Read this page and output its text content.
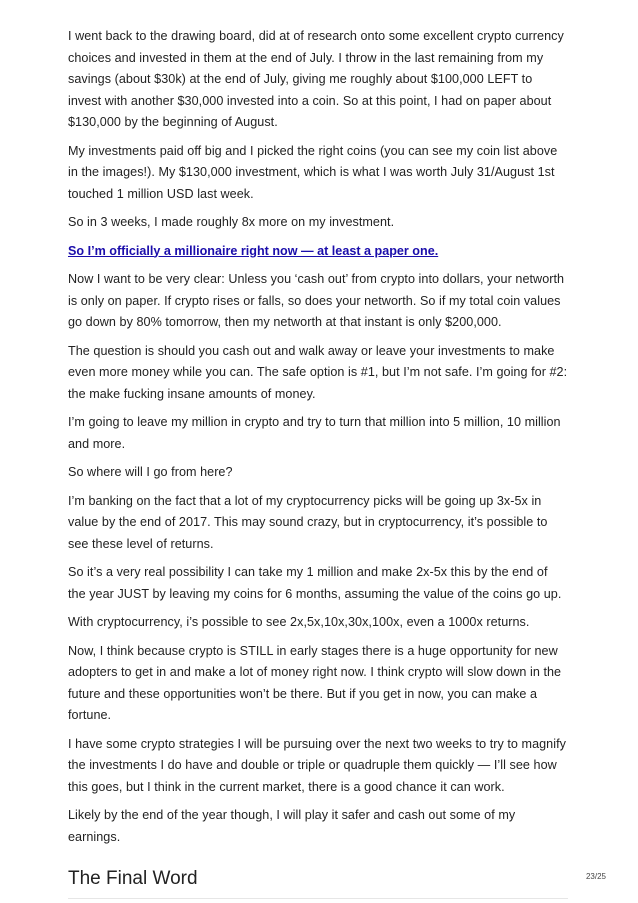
I went back to the drawing board, did at of research onto some excellent crypto currency choices and invested in them at the end of July. I throw in the last remaining from my savings (about $30k) at the end of July, giving me roughly about $100,000 LEFT to invest with another $30,000 invested into a coin. So at this point, I had on paper about $130,000 by the beginning of August.

My investments paid off big and I picked the right coins (you can see my coin list above in the images!). My $130,000 investment, which is what I was worth July 31/August 1st touched 1 million USD last week.

So in 3 weeks, I made roughly 8x more on my investment.

So I’m officially a millionaire right now — at least a paper one.

Now I want to be very clear: Unless you ‘cash out’ from crypto into dollars, your networth is only on paper. If crypto rises or falls, so does your networth. So if my total coin values go down by 80% tomorrow, then my networth at that instant is only $200,000.

The question is should you cash out and walk away or leave your investments to make even more money while you can. The safe option is #1, but I’m not safe. I’m going for #2: the make fucking insane amounts of money.

I’m going to leave my million in crypto and try to turn that million into 5 million, 10 million and more.

So where will I go from here?

I’m banking on the fact that a lot of my cryptocurrency picks will be going up 3x-5x in value by the end of 2017. This may sound crazy, but in cryptocurrency, it’s possible to see these level of returns.

So it’s a very real possibility I can take my 1 million and make 2x-5x this by the end of the year JUST by leaving my coins for 6 months, assuming the value of the coins go up.

With cryptocurrency, i’s possible to see 2x,5x,10x,30x,100x, even a 1000x returns.

Now, I think because crypto is STILL in early stages there is a huge opportunity for new adopters to get in and make a lot of money right now. I think crypto will slow down in the future and these opportunities won’t be there. But if you get in now, you can make a fortune.

I have some crypto strategies I will be pursuing over the next two weeks to try to magnify the investments I do have and double or triple or quadruple them quickly — I’ll see how this goes, but I think in the current market, there is a good chance it can work.

Likely by the end of the year though, I will play it safer and cash out some of my earnings.

The Final Word	23/25
